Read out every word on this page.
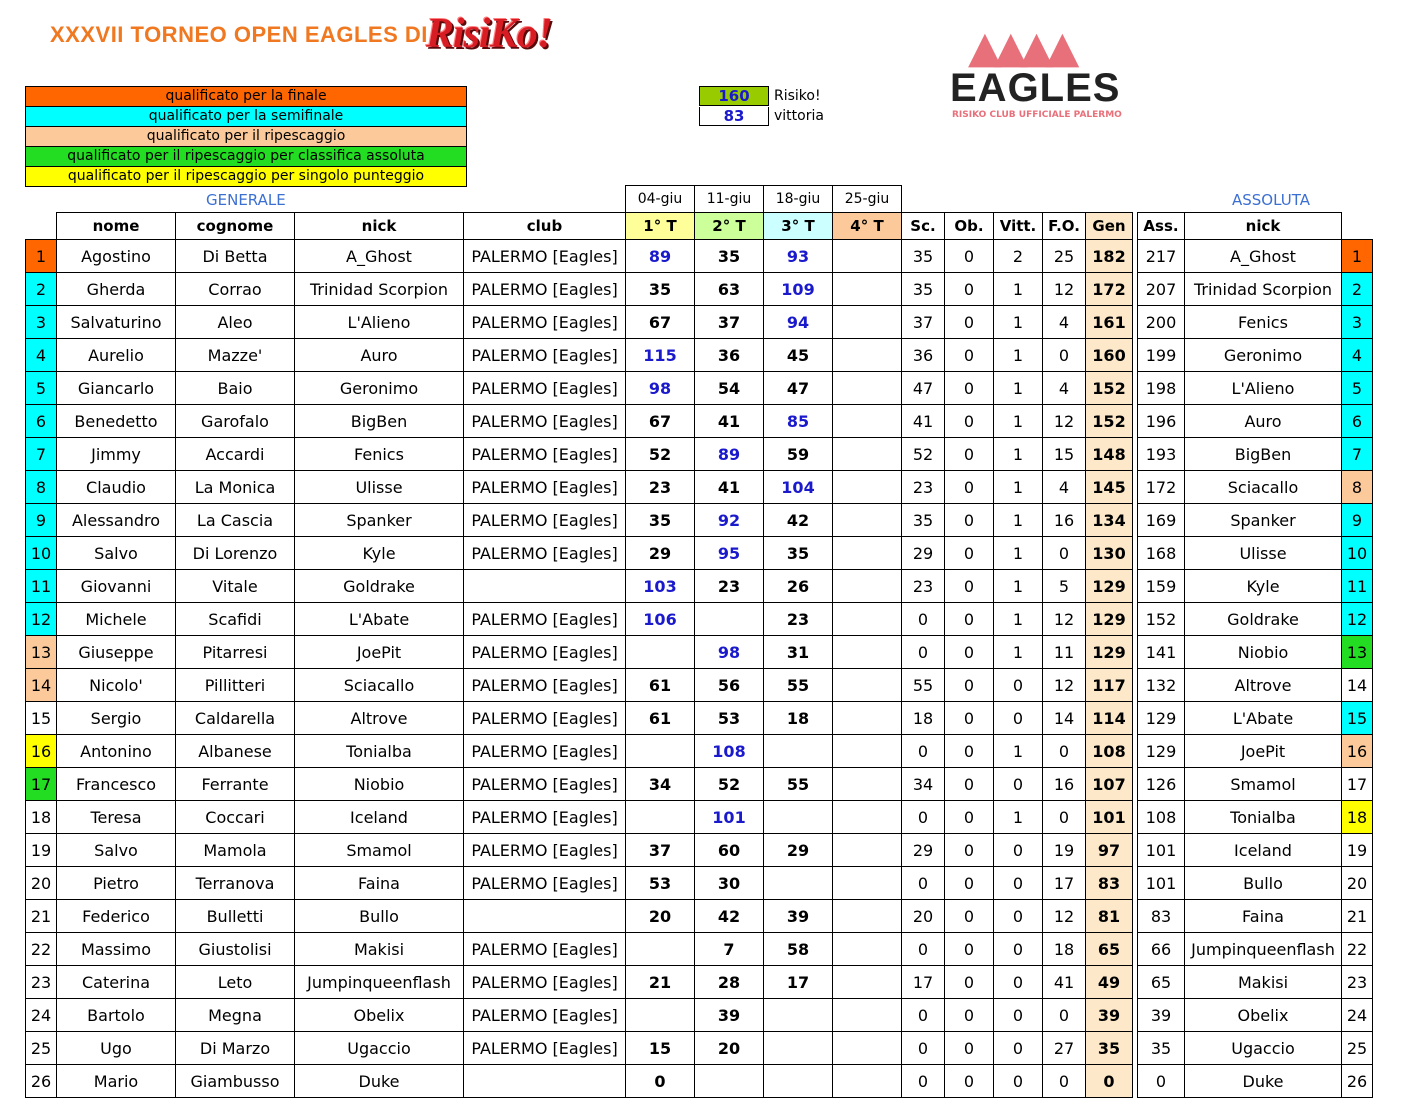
XXXVII TORNEO OPEN EAGLES DI
RisiKo!
qualificato per la finale
qualificato per la semifinale
qualificato per il ripescaggio
qualificato per il ripescaggio per classifica assoluta
qualificato per il ripescaggio per singolo punteggio
160	Risiko!
83	vittoria
▲▲▲▲
EAGLES
RISIKO CLUB UFFICIALE PALERMO
GENERALE	ASSOLUTA
					04-giu	11-giu	18-giu	25-giu									
	nome	cognome	nick	club	1° T	2° T	3° T	4° T	Sc.	Ob.	Vitt.	F.O.	Gen		Ass.	nick	
1	Agostino	Di Betta	A_Ghost	PALERMO [Eagles]	89	35	93		35	0	2	25	182		217	A_Ghost	1
2	Gherda	Corrao	Trinidad Scorpion	PALERMO [Eagles]	35	63	109		35	0	1	12	172		207	Trinidad Scorpion	2
3	Salvaturino	Aleo	L'Alieno	PALERMO [Eagles]	67	37	94		37	0	1	4	161		200	Fenics	3
4	Aurelio	Mazze'	Auro	PALERMO [Eagles]	115	36	45		36	0	1	0	160		199	Geronimo	4
5	Giancarlo	Baio	Geronimo	PALERMO [Eagles]	98	54	47		47	0	1	4	152		198	L'Alieno	5
6	Benedetto	Garofalo	BigBen	PALERMO [Eagles]	67	41	85		41	0	1	12	152		196	Auro	6
7	Jimmy	Accardi	Fenics	PALERMO [Eagles]	52	89	59		52	0	1	15	148		193	BigBen	7
8	Claudio	La Monica	Ulisse	PALERMO [Eagles]	23	41	104		23	0	1	4	145		172	Sciacallo	8
9	Alessandro	La Cascia	Spanker	PALERMO [Eagles]	35	92	42		35	0	1	16	134		169	Spanker	9
10	Salvo	Di Lorenzo	Kyle	PALERMO [Eagles]	29	95	35		29	0	1	0	130		168	Ulisse	10
11	Giovanni	Vitale	Goldrake		103	23	26		23	0	1	5	129		159	Kyle	11
12	Michele	Scafidi	L'Abate	PALERMO [Eagles]	106		23		0	0	1	12	129		152	Goldrake	12
13	Giuseppe	Pitarresi	JoePit	PALERMO [Eagles]		98	31		0	0	1	11	129		141	Niobio	13
14	Nicolo'	Pillitteri	Sciacallo	PALERMO [Eagles]	61	56	55		55	0	0	12	117		132	Altrove	14
15	Sergio	Caldarella	Altrove	PALERMO [Eagles]	61	53	18		18	0	0	14	114		129	L'Abate	15
16	Antonino	Albanese	Tonialba	PALERMO [Eagles]		108			0	0	1	0	108		129	JoePit	16
17	Francesco	Ferrante	Niobio	PALERMO [Eagles]	34	52	55		34	0	0	16	107		126	Smamol	17
18	Teresa	Coccari	Iceland	PALERMO [Eagles]		101			0	0	1	0	101		108	Tonialba	18
19	Salvo	Mamola	Smamol	PALERMO [Eagles]	37	60	29		29	0	0	19	97		101	Iceland	19
20	Pietro	Terranova	Faina	PALERMO [Eagles]	53	30			0	0	0	17	83		101	Bullo	20
21	Federico	Bulletti	Bullo		20	42	39		20	0	0	12	81		83	Faina	21
22	Massimo	Giustolisi	Makisi	PALERMO [Eagles]		7	58		0	0	0	18	65		66	Jumpinqueenflash	22
23	Caterina	Leto	Jumpinqueenflash	PALERMO [Eagles]	21	28	17		17	0	0	41	49		65	Makisi	23
24	Bartolo	Megna	Obelix	PALERMO [Eagles]		39			0	0	0	0	39		39	Obelix	24
25	Ugo	Di Marzo	Ugaccio	PALERMO [Eagles]	15	20			0	0	0	27	35		35	Ugaccio	25
26	Mario	Giambusso	Duke		0				0	0	0	0	0		0	Duke	26
